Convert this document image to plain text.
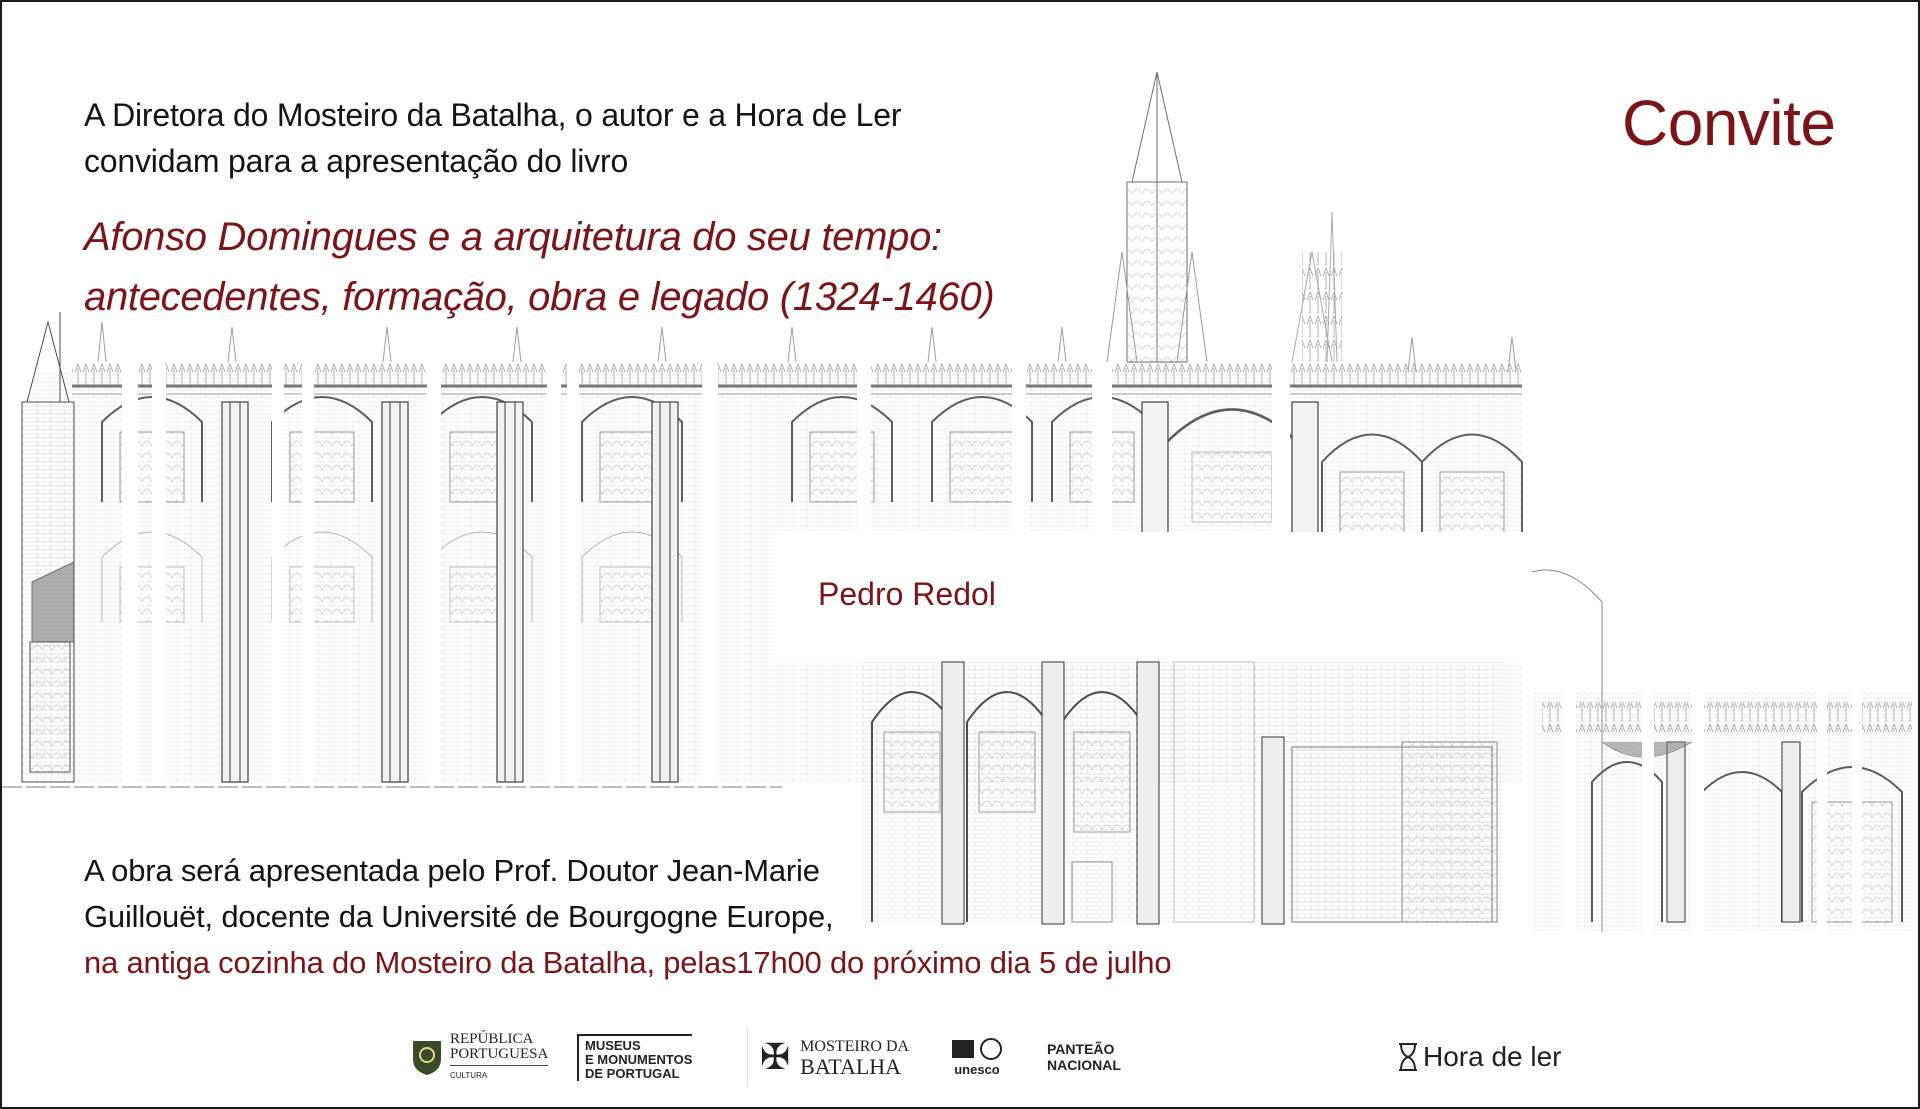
A Diretora do Mosteiro da Batalha, o autor e a Hora de Ler
convidam para a apresentação do livro
Convite
Afonso Domingues e a arquitetura do seu tempo:
antecedentes, formação, obra e legado (1324-1460)
Pedro Redol
A obra será apresentada pelo Prof. Doutor Jean-Marie
Guillouët, docente da Université de Bourgogne Europe,
na antiga cozinha do Mosteiro da Batalha, pelas17h00 do próximo dia 5 de julho
REPÚBLICA
PORTUGUESA
CULTURA
MUSEUS
E MONUMENTOS
DE PORTUGAL	✠ MOSTEIRO DA
BATALHA	unesco
PANTEÃO
NACIONAL	Hora de ler
